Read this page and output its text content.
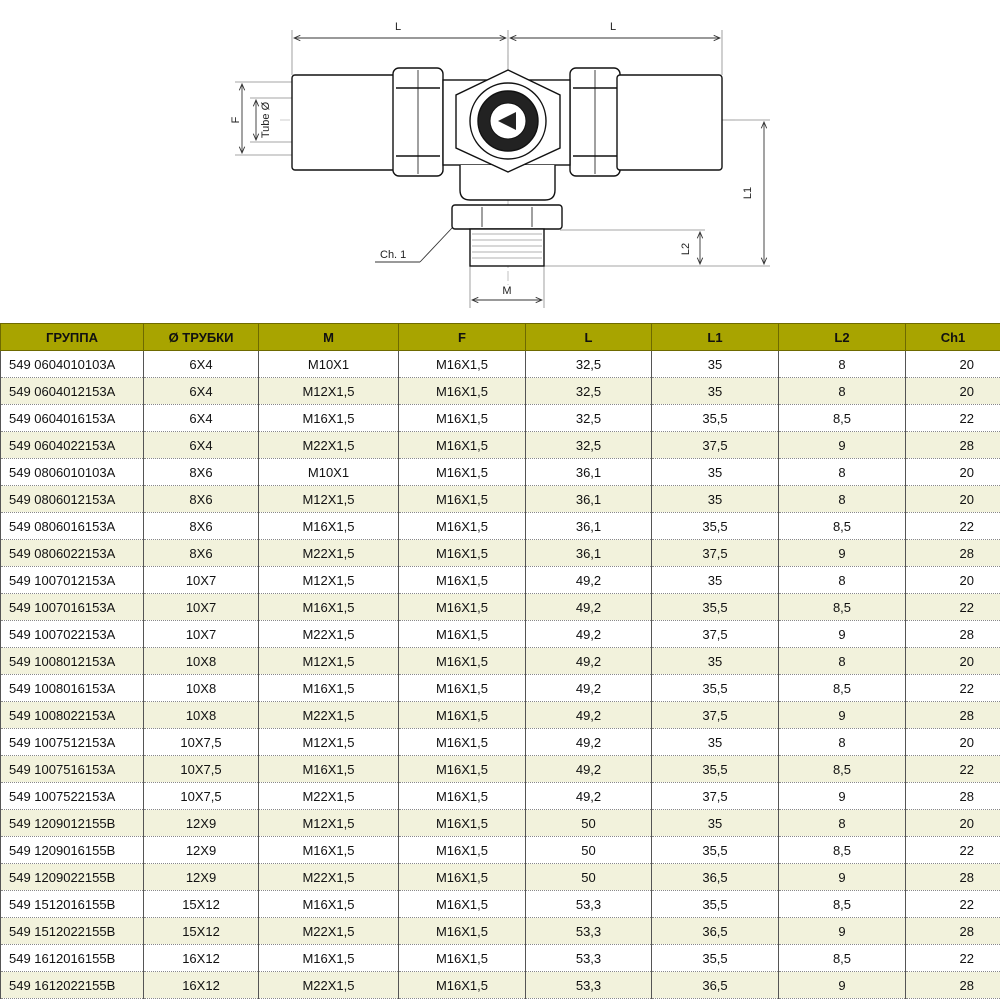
L	L
F Tube Ø
L1
L2
M
Ch. 1
ГРУППА	Ø ТРУБКИ	M	F	L	L1	L2	Ch1
549 0604010103A	6X4	M10X1	M16X1,5	32,5	35	8	20
549 0604012153A	6X4	M12X1,5	M16X1,5	32,5	35	8	20
549 0604016153A	6X4	M16X1,5	M16X1,5	32,5	35,5	8,5	22
549 0604022153A	6X4	M22X1,5	M16X1,5	32,5	37,5	9	28
549 0806010103A	8X6	M10X1	M16X1,5	36,1	35	8	20
549 0806012153A	8X6	M12X1,5	M16X1,5	36,1	35	8	20
549 0806016153A	8X6	M16X1,5	M16X1,5	36,1	35,5	8,5	22
549 0806022153A	8X6	M22X1,5	M16X1,5	36,1	37,5	9	28
549 1007012153A	10X7	M12X1,5	M16X1,5	49,2	35	8	20
549 1007016153A	10X7	M16X1,5	M16X1,5	49,2	35,5	8,5	22
549 1007022153A	10X7	M22X1,5	M16X1,5	49,2	37,5	9	28
549 1008012153A	10X8	M12X1,5	M16X1,5	49,2	35	8	20
549 1008016153A	10X8	M16X1,5	M16X1,5	49,2	35,5	8,5	22
549 1008022153A	10X8	M22X1,5	M16X1,5	49,2	37,5	9	28
549 1007512153A	10X7,5	M12X1,5	M16X1,5	49,2	35	8	20
549 1007516153A	10X7,5	M16X1,5	M16X1,5	49,2	35,5	8,5	22
549 1007522153A	10X7,5	M22X1,5	M16X1,5	49,2	37,5	9	28
549 1209012155B	12X9	M12X1,5	M16X1,5	50	35	8	20
549 1209016155B	12X9	M16X1,5	M16X1,5	50	35,5	8,5	22
549 1209022155B	12X9	M22X1,5	M16X1,5	50	36,5	9	28
549 1512016155B	15X12	M16X1,5	M16X1,5	53,3	35,5	8,5	22
549 1512022155B	15X12	M22X1,5	M16X1,5	53,3	36,5	9	28
549 1612016155B	16X12	M16X1,5	M16X1,5	53,3	35,5	8,5	22
549 1612022155B	16X12	M22X1,5	M16X1,5	53,3	36,5	9	28
